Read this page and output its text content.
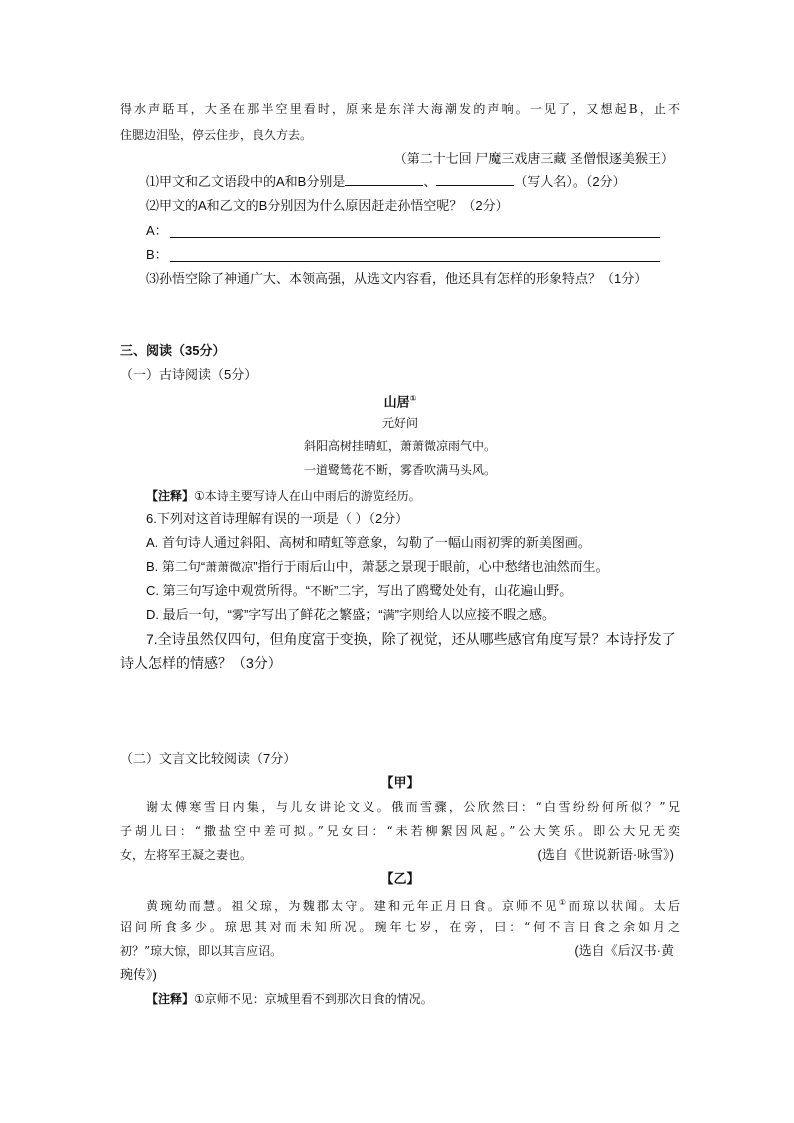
得水声聒耳，大圣在那半空里看时，原来是东洋大海潮发的声响。一见了，又想起B，止不
住腮边泪坠，停云住步，良久方去。
（第二十七回 尸魔三戏唐三藏 圣僧恨逐美猴王）
⑴甲文和乙文语段中的A和B分别是	、	（写人名）。（2分）
⑵甲文的A和乙文的B分别因为什么原因赶走孙悟空呢？（2分）
A：
B：
⑶孙悟空除了神通广大、本领高强，从选文内容看，他还具有怎样的形象特点？（1分）
三、阅读（35分）
（一）古诗阅读（5分）
山居①
元好问
斜阳高树挂晴虹，萧萧微凉雨气中。
一道鹭鸶花不断，雾香吹满马头风。
【注释】①本诗主要写诗人在山中雨后的游览经历。
6.下列对这首诗理解有误的一项是（ ）（2分）
A. 首句诗人通过斜阳、高树和晴虹等意象，勾勒了一幅山雨初霁的新美图画。
B. 第二句“萧萧微凉”指行于雨后山中，萧瑟之景现于眼前，心中愁绪也油然而生。
C. 第三句写途中观赏所得。“不断”二字，写出了鸥鹭处处有，山花遍山野。
D. 最后一句，“雾”字写出了鲜花之繁盛；“满”字则给人以应接不暇之感。
7.全诗虽然仅四句，但角度富于变换，除了视觉，还从哪些感官角度写景？本诗抒发了
诗人怎样的情感？（3分）
（二）文言文比较阅读（7分）
【甲】
谢太傅寒雪日内集，与儿女讲论文义。俄而雪骤，公欣然曰：“白雪纷纷何所似？”兄
子胡儿曰：“撒盐空中差可拟。”兄女曰：“未若柳絮因风起。”公大笑乐。即公大兄无奕
女，左将军王凝之妻也。	(选自《世说新语·咏雪》)
【乙】
黄琬幼而慧。祖父琼，为魏郡太守。建和元年正月日食。京师不见①而琼以状闻。太后
诏问所食多少。琼思其对而未知所况。琬年七岁，在旁，曰：“何不言日食之余如月之
初？”琼大惊，即以其言应诏。	(选自《后汉书·黄
琬传》)
【注释】①京师不见：京城里看不到那次日食的情况。
